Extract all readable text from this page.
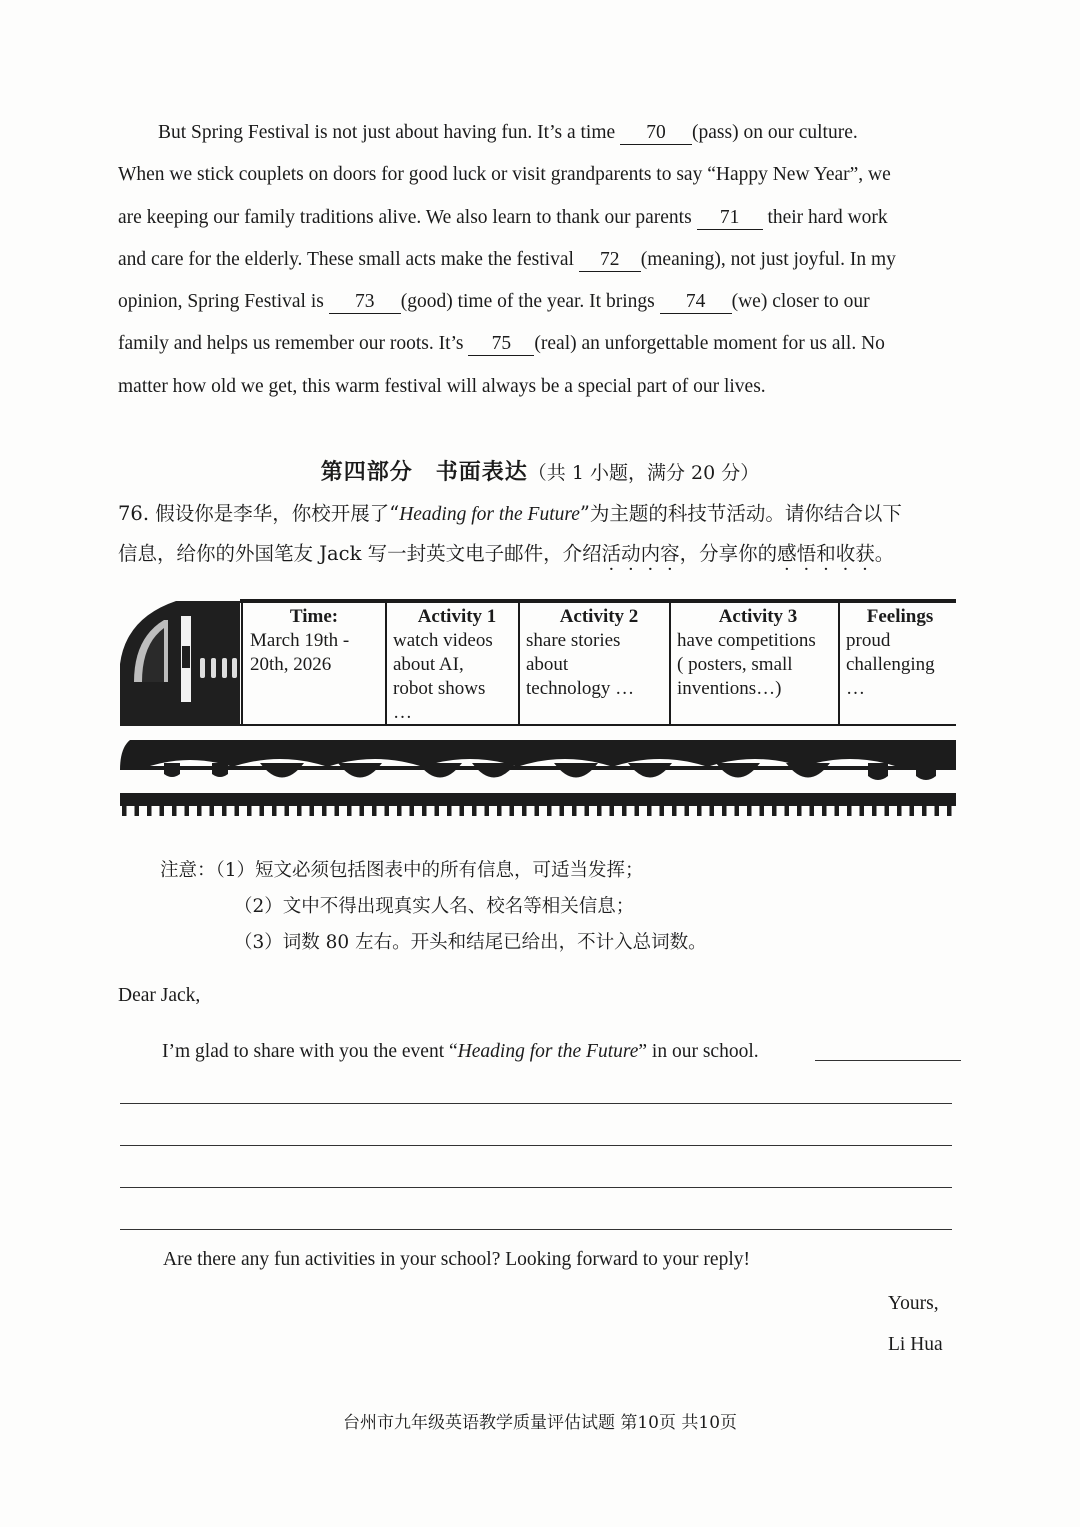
But Spring Festival is not just about having fun. It’s a time 70 (pass) on our culture.

When we stick couplets on doors for good luck or visit grandparents to say “Happy New Year”, we

are keeping our family traditions alive. We also learn to thank our parents 71 their hard work

and care for the elderly. These small acts make the festival 72 (meaning), not just joyful. In my

opinion, Spring Festival is 73 (good) time of the year. It brings 74 (we) closer to our

family and helps us remember our roots. It’s 75 (real) an unforgettable moment for us all. No

matter how old we get, this warm festival will always be a special part of our lives.

第四部分　书面表达（共 1 小题，满分 20 分）
76. 假设你是李华，你校开展了“Heading for the Future”为主题的科技节活动。请你结合以下
信息，给你的外国笔友 Jack 写一封英文电子邮件，介绍活动内容，分享你的感悟和收获。
Time:
March 19th -
20th, 2026
Activity 1
watch videos
about AI,
robot shows
…
Activity 2
share stories
about
technology …
Activity 3
have competitions
( posters, small
inventions…)
Feelings
proud
challenging
…
注意：（1）短文必须包括图表中的所有信息，可适当发挥；
（2）文中不得出现真实人名、校名等相关信息；
（3）词数 80 左右。开头和结尾已给出，不计入总词数。
Dear Jack,
I’m glad to share with you the event “Heading for the Future” in our school.
Are there any fun activities in your school? Looking forward to your reply!
Yours,
Li Hua
台州市九年级英语教学质量评估试题 第10页 共10页
